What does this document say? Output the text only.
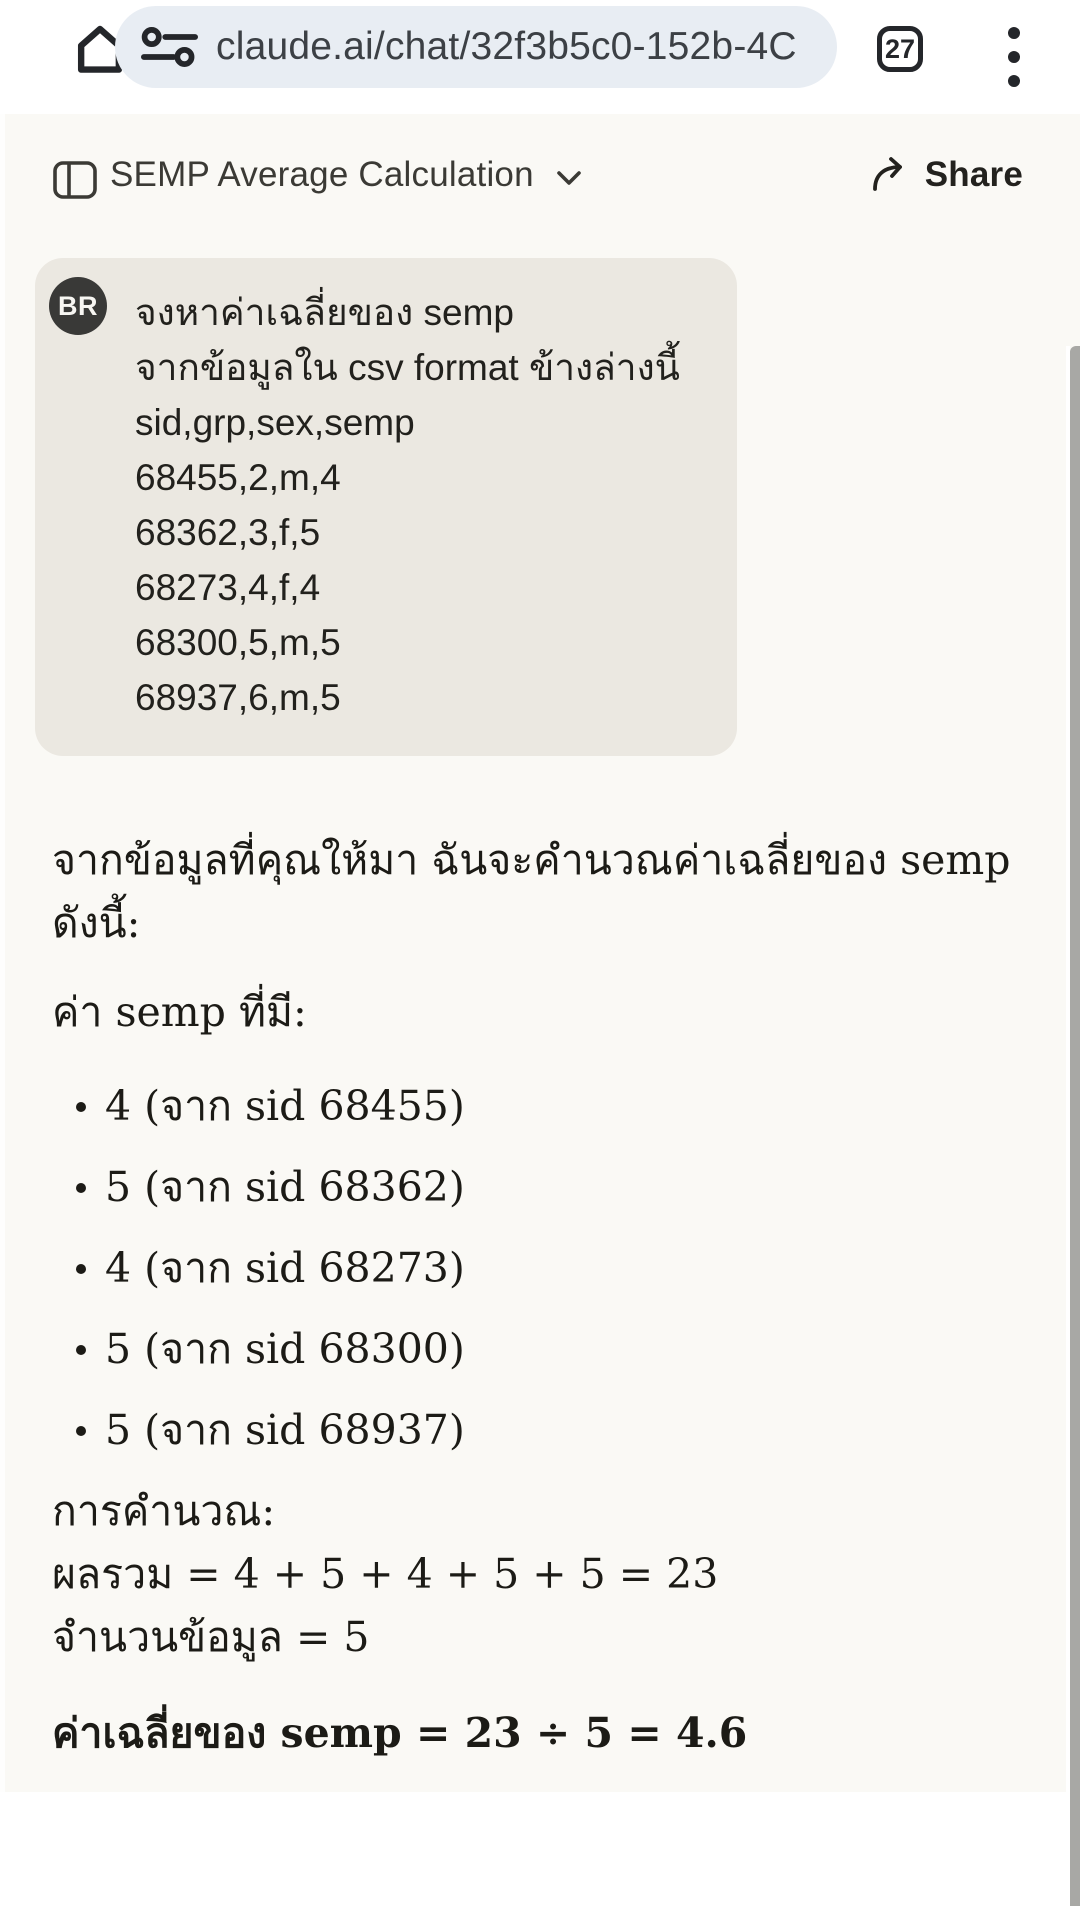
claude.ai/chat/32f3b5c0-152b-4C	27
SEMP Average Calculation	Share
BR จงหาค่าเฉลี่ยของ semp
จากข้อมูลใน csv format ข้างล่างนี้
sid,grp,sex,semp
68455,2,m,4
68362,3,f,5
68273,4,f,4
68300,5,m,5
68937,6,m,5
จากข้อมูลที่คุณให้มา ฉันจะคำนวณค่าเฉลี่ยของ semp
ดังนี้:
ค่า semp ที่มี:
4 (จาก sid 68455)
5 (จาก sid 68362)
4 (จาก sid 68273)
5 (จาก sid 68300)
5 (จาก sid 68937)
การคำนวณ:
ผลรวม = 4 + 5 + 4 + 5 + 5 = 23
จำนวนข้อมูล = 5
ค่าเฉลี่ยของ semp = 23 ÷ 5 = 4.6
